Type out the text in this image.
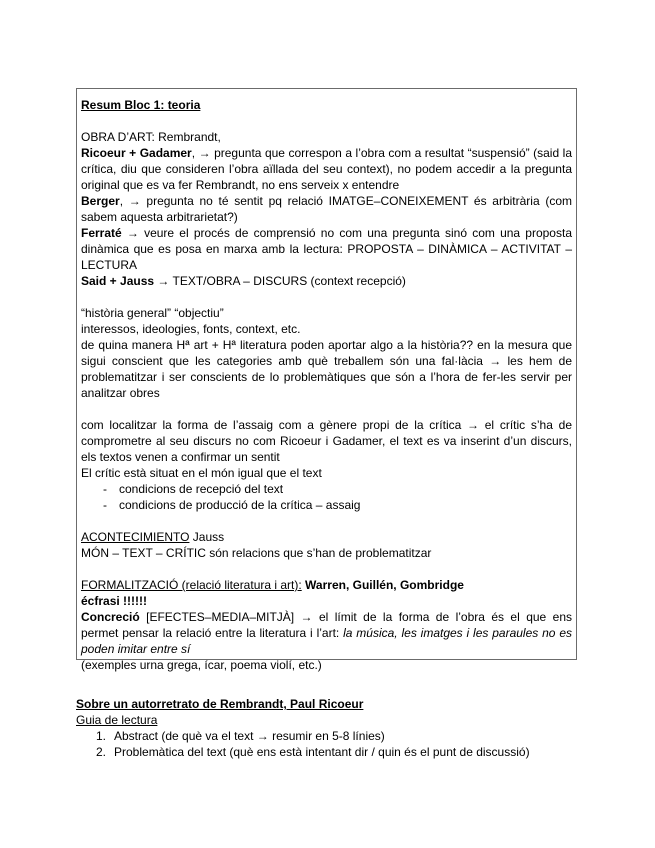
Resum Bloc 1: teoria

OBRA D’ART: Rembrandt,

Ricoeur + Gadamer, → pregunta que correspon a l’obra com a resultat “suspensió” (said la crítica, diu que consideren l’obra aïllada del seu context), no podem accedir a la pregunta original que es va fer Rembrandt, no ens serveix x entendre

Berger, → pregunta no té sentit pq relació IMATGE–CONEIXEMENT és arbitrària (com sabem aquesta arbitrarietat?)

Ferraté → veure el procés de comprensió no com una pregunta sinó com una proposta dinàmica que es posa en marxa amb la lectura: PROPOSTA – DINÀMICA – ACTIVITAT – LECTURA

Said + Jauss → TEXT/OBRA – DISCURS (context recepció)

“història general” “objectiu”

interessos, ideologies, fonts, context, etc.

de quina manera Hª art + Hª literatura poden aportar algo a la història?? en la mesura que sigui conscient que les categories amb què treballem són una fal·làcia → les hem de problematitzar i ser conscients de lo problemàtiques que són a l’hora de fer-les servir per analitzar obres

com localitzar la forma de l’assaig com a gènere propi de la crítica → el crític s’ha de comprometre al seu discurs no com Ricoeur i Gadamer, el text es va inserint d’un discurs, els textos venen a confirmar un sentit

El crític està situat en el món igual que el text

- condicions de recepció del text
- condicions de producció de la crítica – assaig

ACONTECIMIENTO Jauss

MÓN – TEXT – CRÍTIC són relacions que s’han de problematitzar

FORMALITZACIÓ (relació literatura i art): Warren, Guillén, Gombridge

écfrasi !!!!!!

Concreció [EFECTES–MEDIA–MITJÀ] → el límit de la forma de l’obra és el que ens permet pensar la relació entre la literatura i l’art: la música, les imatges i les paraules no es poden imitar entre sí

(exemples urna grega, ícar, poema violí, etc.)

Sobre un autorretrato de Rembrandt, Paul Ricoeur

Guia de lectura

1. Abstract (de què va el text → resumir en 5-8 línies)
2. Problemàtica del text (què ens està intentant dir / quin és el punt de discussió)
